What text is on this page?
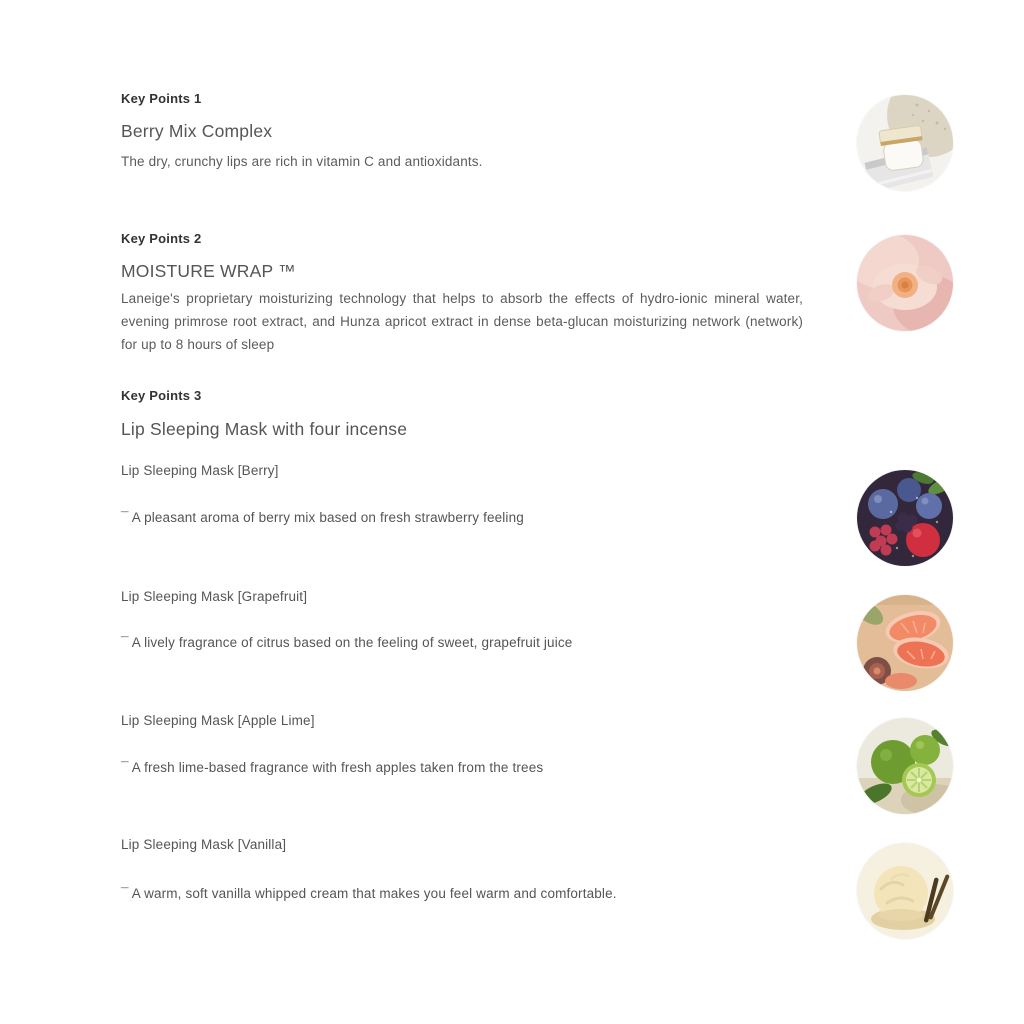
Key Points 1
Berry Mix Complex
The dry, crunchy lips are rich in vitamin C and antioxidants.
Key Points 2
MOISTURE WRAP ™
Laneige's proprietary moisturizing technology that helps to absorb the effects of hydro-ionic mineral water, evening primrose root extract, and Hunza apricot extract in dense beta-glucan moisturizing network (network) for up to 8 hours of sleep
Key Points 3
Lip Sleeping Mask with four incense
Lip Sleeping Mask [Berry]
¯ A pleasant aroma of berry mix based on fresh strawberry feeling
Lip Sleeping Mask [Grapefruit]
¯ A lively fragrance of citrus based on the feeling of sweet, grapefruit juice
Lip Sleeping Mask [Apple Lime]
¯ A fresh lime-based fragrance with fresh apples taken from the trees
Lip Sleeping Mask [Vanilla]
¯ A warm, soft vanilla whipped cream that makes you feel warm and comfortable.
